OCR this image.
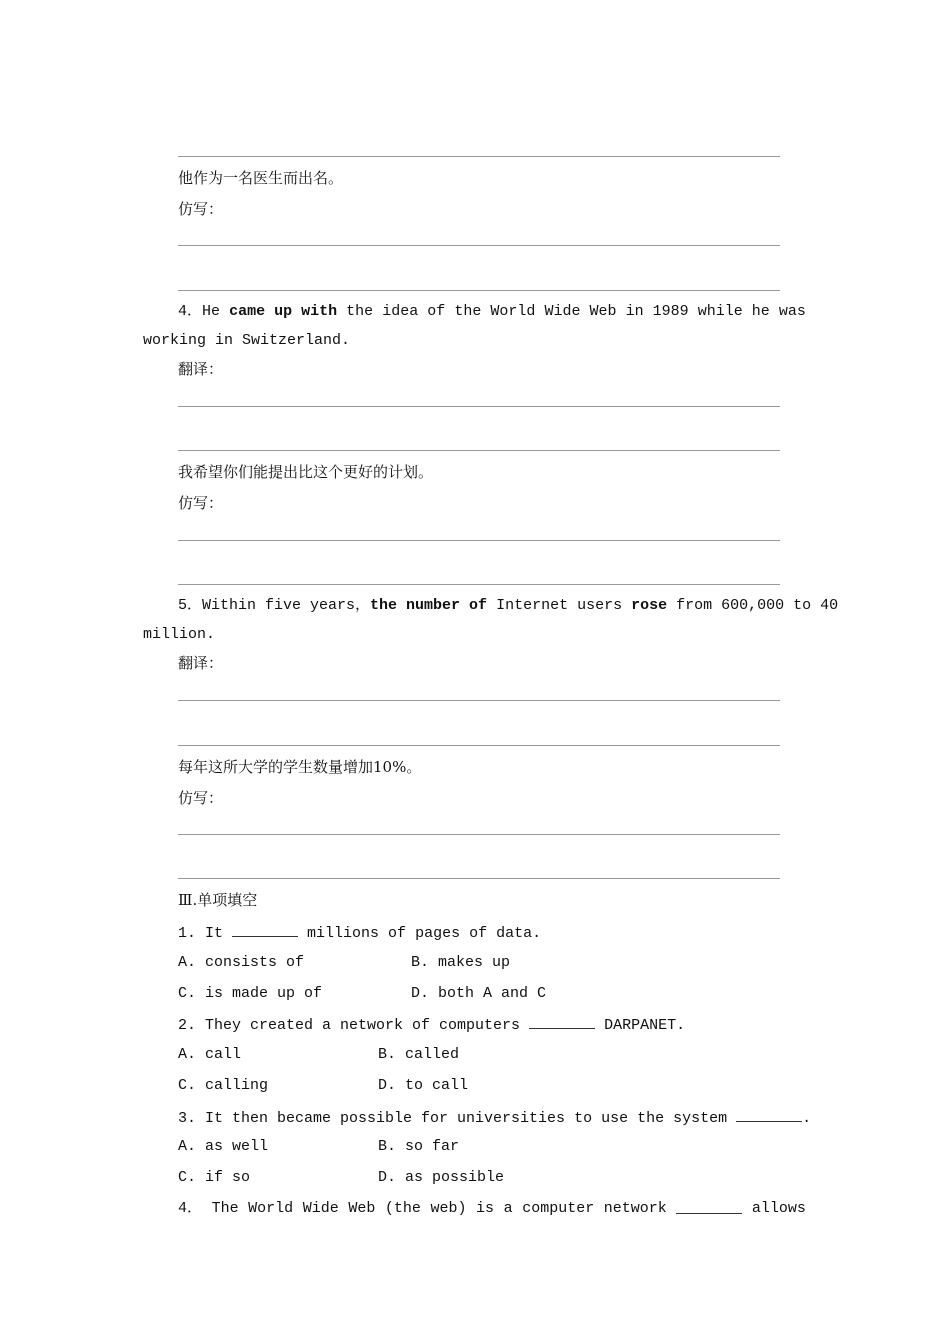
他作为一名医生而出名。
仿写：
4．He came up with the idea of the World Wide Web in 1989 while he was
working in Switzerland.
翻译：
我希望你们能提出比这个更好的计划。
仿写：
5．Within five years，the number of Internet users rose from 600,000 to 40
million.
翻译：
每年这所大学的学生数量增加10%。
仿写：
Ⅲ.单项填空
1. It	millions of pages of data.
A. consists of	B. makes up
C. is made up of	D. both A and C
2. They created a network of computers	DARPANET.
A. call	B. called
C. calling	D. to call
3. It then became possible for universities to use the system	.
A. as well	B. so far
C. if so	D. as possible
4． The World Wide Web (the web) is a computer network	allows
